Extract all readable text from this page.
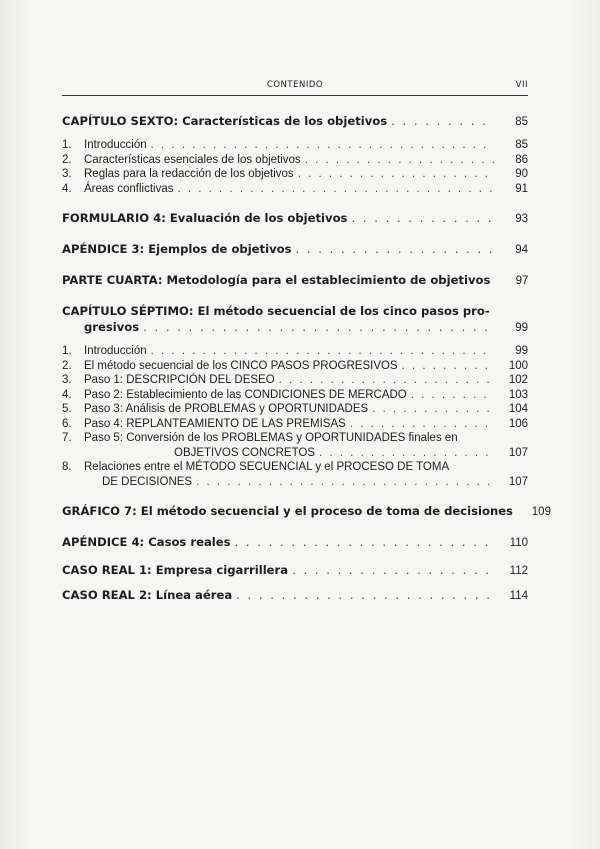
CONTENIDO	VII
CAPÍTULO SEXTO: Características de los objetivos . . .	85
1.	Introducción . . .	85
2.	Características esenciales de los objetivos . . .	86
3.	Reglas para la redacción de los objetivos . . .	90
4.	Áreas conflictivas . . .	91
FORMULARIO 4: Evaluación de los objetivos . . .	93
APÉNDICE 3: Ejemplos de objetivos . . .	94
PARTE CUARTA: Metodología para el establecimiento de objetivos	97
CAPÍTULO SÉPTIMO: El método secuencial de los cinco pasos pro-
gresivos . . .	99
1.	Introducción . . .	99
2.	El método secuencial de los CINCO PASOS PROGRESIVOS . . .	100
3.	Paso 1: DESCRIPCIÓN DEL DESEO . . .	102
4.	Paso 2: Establecimiento de las CONDICIONES DE MERCADO . . .	103
5.	Paso 3: Análisis de PROBLEMAS y OPORTUNIDADES . . .	104
6.	Paso 4: REPLANTEAMIENTO DE LAS PREMISAS . . .	106
7.	Paso 5: Conversión de los PROBLEMAS y OPORTUNIDADES finales en
OBJETIVOS CONCRETOS . . .	107
8.	Relaciones entre el MÉTODO SECUENCIAL y el PROCESO DE TOMA
DE DECISIONES . . .	107
GRÁFICO 7: El método secuencial y el proceso de toma de decisiones	109
APÉNDICE 4: Casos reales . . .	110
CASO REAL 1: Empresa cigarrillera . . .	112
CASO REAL 2: Línea aérea . . .	114
